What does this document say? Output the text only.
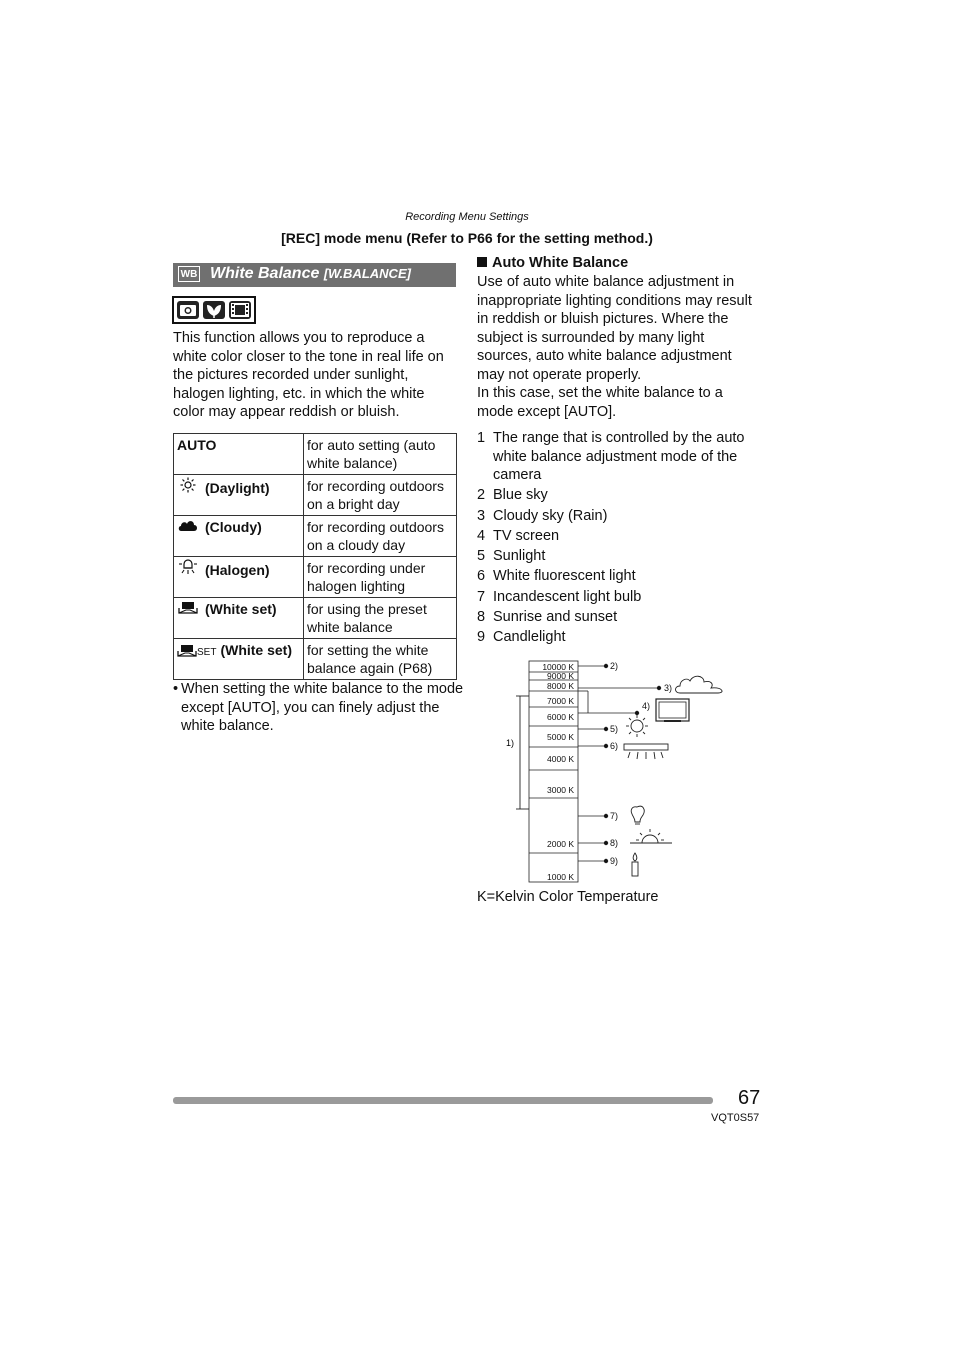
Recording Menu Settings
[REC] mode menu (Refer to P66 for the setting method.)
WB White Balance [W.BALANCE]
This function allows you to reproduce a white color closer to the tone in real life on the pictures recorded under sunlight, halogen lighting, etc. in which the white color may appear reddish or bluish.
AUTO	for auto setting (auto white balance)
(Daylight)	for recording outdoors on a bright day
(Cloudy)	for recording outdoors on a cloudy day
(Halogen)	for recording under halogen lighting
(White set)	for using the preset white balance
SET (White set)	for setting the white balance again (P68)
• When setting the white balance to the mode except [AUTO], you can finely adjust the white balance.
Auto White Balance
Use of auto white balance adjustment in inappropriate lighting conditions may result in reddish or bluish pictures. Where the subject is surrounded by many light sources, auto white balance adjustment may not operate properly.
In this case, set the white balance to a mode except [AUTO].
1 The range that is controlled by the auto white balance adjustment mode of the camera
2 Blue sky
3 Cloudy sky (Rain)
4 TV screen
5 Sunlight
6 White fluorescent light
7 Incandescent light bulb
8 Sunrise and sunset
9 Candlelight
10000 K
9000 K
8000 K
7000 K
6000 K
5000 K
4000 K
3000 K
2000 K
1000 K
1)
2)
3)
4)
5)
6)
7)
8)
9)
K=Kelvin Color Temperature
67
VQT0S57
